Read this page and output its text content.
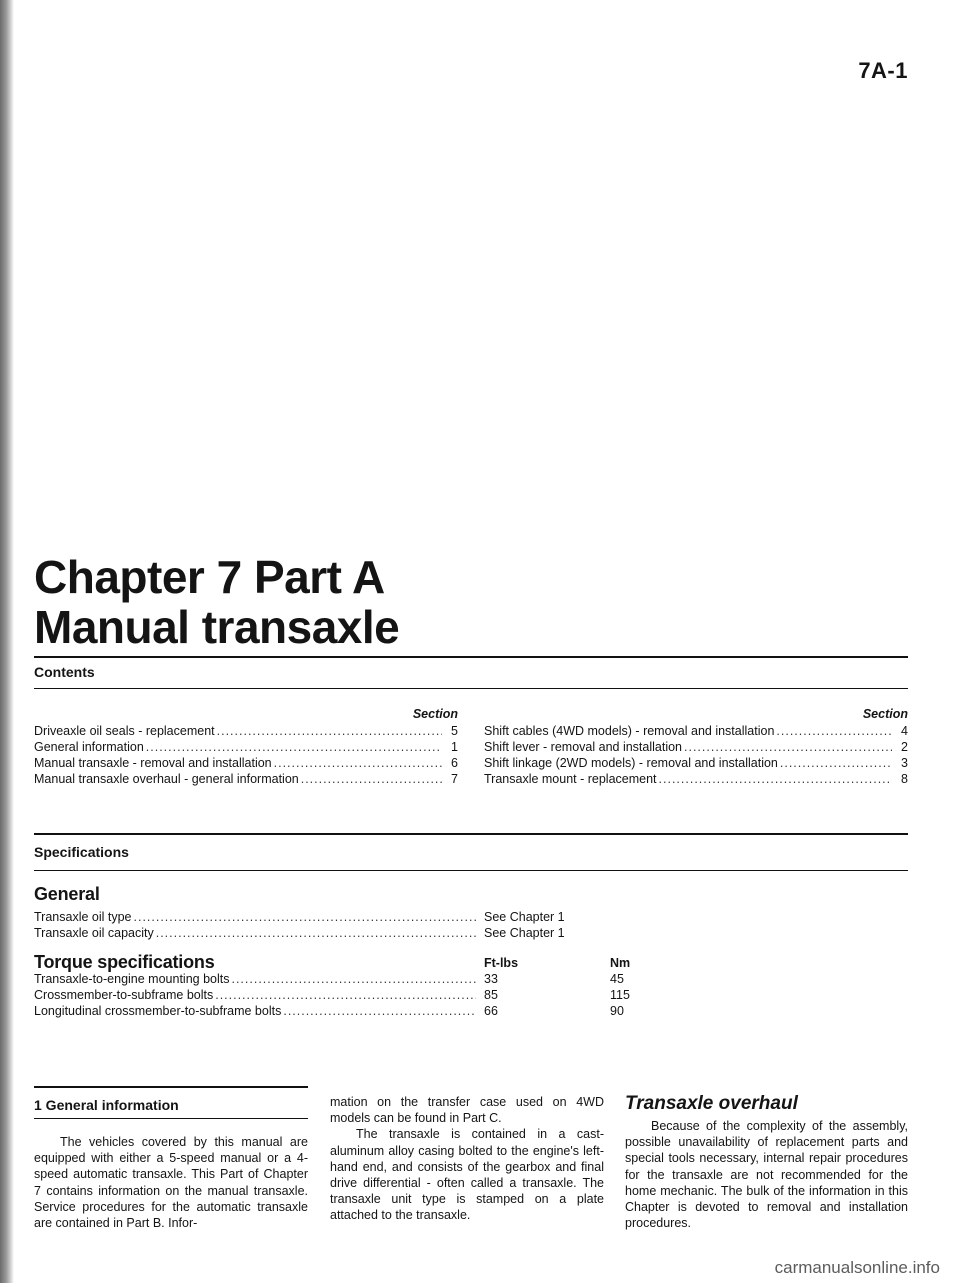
7A-1
Chapter 7 Part A
Manual transaxle
Contents
Section
Driveaxle oil seals - replacement .....	5
General information .....	1
Manual transaxle - removal and installation .....	6
Manual transaxle overhaul - general information .....	7
Section
Shift cables (4WD models) - removal and installation .....	4
Shift lever - removal and installation .....	2
Shift linkage (2WD models) - removal and installation .....	3
Transaxle mount - replacement .....	8
Specifications
General
Transaxle oil type .....	See Chapter 1
Transaxle oil capacity .....	See Chapter 1
Torque specifications	Ft-lbs	Nm
Transaxle-to-engine mounting bolts .....	33	45
Crossmember-to-subframe bolts .....	85	115
Longitudinal crossmember-to-subframe bolts .....	66	90
1 General information

The vehicles covered by this manual are equipped with either a 5-speed manual or a 4-speed automatic transaxle. This Part of Chapter 7 contains information on the manual transaxle. Service procedures for the automatic transaxle are contained in Part B. Infor-

mation on the transfer case used on 4WD models can be found in Part C.

The transaxle is contained in a cast-aluminum alloy casing bolted to the engine's left-hand end, and consists of the gearbox and final drive differential - often called a transaxle. The transaxle unit type is stamped on a plate attached to the transaxle.

Transaxle overhaul

Because of the complexity of the assembly, possible unavailability of replacement parts and special tools necessary, internal repair procedures for the transaxle are not recommended for the home mechanic. The bulk of the information in this Chapter is devoted to removal and installation procedures.

carmanualsonline.info
